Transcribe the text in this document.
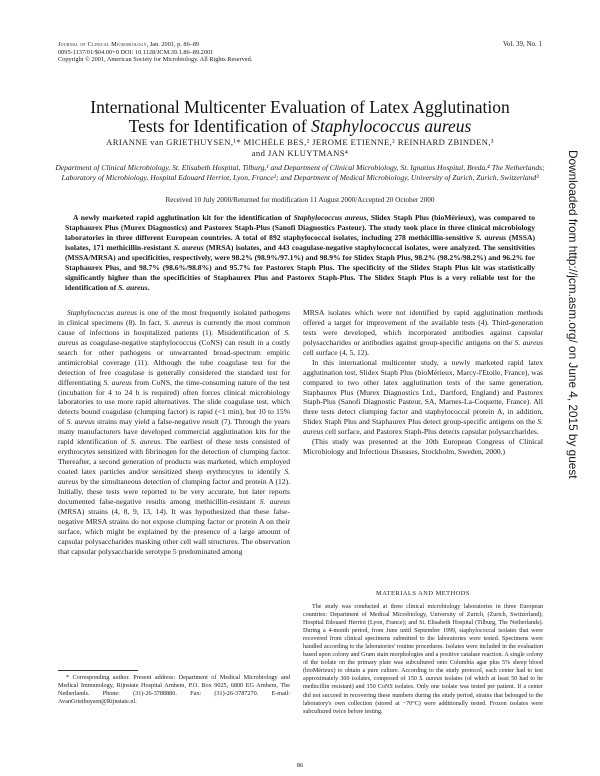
Journal of Clinical Microbiology, Jan. 2001, p. 86–89
0095-1137/01/$04.00+0 DOI: 10.1128/JCM.39.1.86–89.2001
Copyright © 2001, American Society for Microbiology. All Rights Reserved.
Vol. 39, No. 1
International Multicenter Evaluation of Latex Agglutination
Tests for Identification of Staphylococcus aureus
ARIANNE van GRIETHUYSEN,¹* MICHÈLE BES,² JEROME ETIENNE,² REINHARD ZBINDEN,³
and JAN KLUYTMANS⁴
Department of Clinical Microbiology, St. Elisabeth Hospital, Tilburg,¹ and Department of Clinical Microbiology, St. Ignatius Hospital, Breda,⁴ The Netherlands; Laboratory of Microbiology, Hospital Edouard Herriot, Lyon, France²; and Department of Medical Microbiology, University of Zurich, Zurich, Switzerland³
Received 10 July 2000/Returned for modification 11 August 2000/Accepted 20 October 2000
A newly marketed rapid agglutination kit for the identification of Staphylococcus aureus, Slidex Staph Plus (bioMérieux), was compared to Staphaurex Plus (Murex Diagnostics) and Pastorex Staph-Plus (Sanofi Diagnostics Pasteur). The study took place in three clinical microbiology laboratories in three different European countries. A total of 892 staphylococcal isolates, including 278 methicillin-sensitive S. aureus (MSSA) isolates, 171 methicillin-resistant S. aureus (MRSA) isolates, and 443 coagulase-negative staphylococcal isolates, were analyzed. The sensitivities (MSSA/MRSA) and specificities, respectively, were 98.2% (98.9%/97.1%) and 98.9% for Slidex Staph Plus, 98.2% (98.2%/98.2%) and 96.2% for Staphaurex Plus, and 98.7% (98.6%/98.8%) and 95.7% for Pastorex Staph Plus. The specificity of the Slidex Staph Plus kit was statistically significantly higher than the specificities of Staphaurex Plus and Pastorex Staph-Plus. The Slidex Staph Plus is a very reliable test for the identification of S. aureus.
Staphylococcus aureus is one of the most frequently isolated pathogens in clinical specimens (8). In fact, S. aureus is currently the most common cause of infections in hospitalized patients (1). Misidentification of S. aureus as coagulase-negative staphylococcus (CoNS) can result in a costly search for other pathogens or unwarranted broad-spectrum empiric antimicrobial coverage (11). Although the tube coagulase test for the detection of free coagulase is generally considered the standard test for differentiating S. aureus from CoNS, the time-consuming nature of the test (incubation for 4 to 24 h is required) often forces clinical microbiology laboratories to use more rapid alternatives. The slide coagulase test, which detects bound coagulase (clumping factor) is rapid (<1 min), but 10 to 15% of S. aureus strains may yield a false-negative result (7). Through the years many manufacturers have developed commercial agglutination kits for the rapid identification of S. aureus. The earliest of these tests consisted of erythrocytes sensitized with fibrinogen for the detection of clumping factor. Thereafter, a second generation of products was marketed, which employed coated latex particles and/or sensitized sheep erythrocytes to identify S. aureus by the simultaneous detection of clumping factor and protein A (12). Initially, these tests were reported to be very accurate, but later reports documented false-negative results among methicillin-resistant S. aureus (MRSA) strains (4, 8, 9, 13, 14). It was hypothesized that these false-negative MRSA strains do not expose clumping factor or protein A on their surface, which might be explained by the presence of a large amount of capsular polysaccharides masking other cell wall structures. The observation that capsular polysaccharide serotype 5 predominated among

MRSA isolates which were not identified by rapid agglutination methods offered a target for improvement of the available tests (4). Third-generation tests were developed, which incorporated antibodies against capsular polysaccharides or antibodies against group-specific antigens on the S. aureus cell surface (4, 5, 12).

In this international multicenter study, a newly marketed rapid latex agglutination test, Slidex Staph Plus (bioMérieux, Marcy-l'Etoile, France), was compared to two other latex agglutination tests of the same generation, Staphaurex Plus (Murex Diagnostics Ltd., Dartford, England) and Pastorex Staph-Plus (Sanofi Diagnostic Pasteur, SA, Marnes-La-Coquette, France). All three tests detect clumping factor and staphylococcal protein A, in addition, Slidex Staph Plus and Staphaurex Plus detect group-specific antigens on the S. aureus cell surface, and Pastorex Staph-Plus detects capsular polysaccharides.

(This study was presented at the 10th European Congress of Clinical Microbiology and Infectious Diseases, Stockholm, Sweden, 2000.)

MATERIALS AND METHODS
The study was conducted at three clinical microbiology laboratories in three European countries: Department of Medical Microbiology, University of Zurich, (Zurich, Switzerland); Hospital Edouard Herriot (Lyon, France); and St. Elisabeth Hospital (Tilburg, The Netherlands). During a 4-month period, from June until September 1999, staphylococcal isolates that were recovered from clinical specimens submitted to the laboratories were tested. Specimens were handled according to the laboratories' routine procedures. Isolates were included in the evaluation based upon colony and Gram stain morphologies and a positive catalase reaction. A single colony of the isolate on the primary plate was subcultured onto Columbia agar plus 5% sheep blood (bioMérieux) to obtain a pure culture. According to the study protocol, each center had to test approximately 300 isolates, composed of 150 S. aureus isolates (of which at least 50 had to be methicillin resistant) and 150 CoNS isolates. Only one isolate was tested per patient. If a center did not succeed in recovering these numbers during the study period, strains that belonged to the laboratory's own collection (stored at −70°C) were additionally tested. Frozen isolates were subcultured twice before testing.
* Corresponding author. Present address: Department of Medical Microbiology and Medical Immunology, Rijnstate Hospital Arnhem, P.O. Box 9025, 6800 EG Arnhem, The Netherlands. Phone: (31)-26-3788880. Fax: (31)-26-3787270. E-mail: AvanGriethuysen@Rijnstate.nl.
86
Downloaded from http://jcm.asm.org/ on June 4, 2015 by guest
